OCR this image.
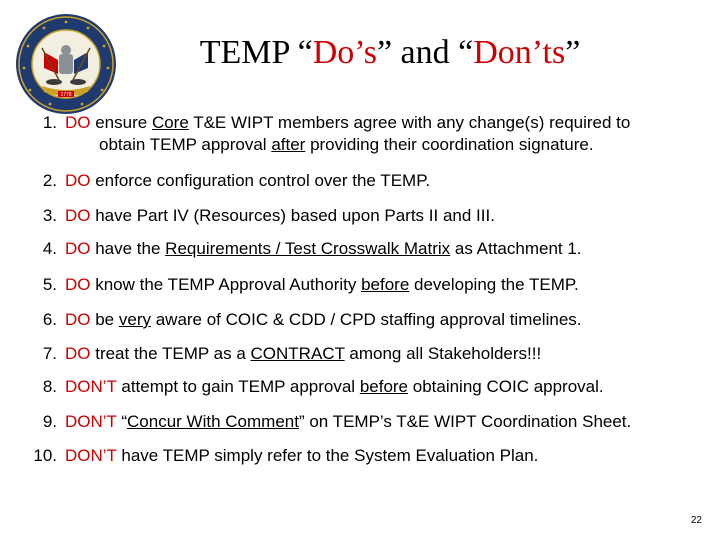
1778
TEMP “Do’s” and “Don’ts”
1. DO ensure Core T&E WIPT members agree with any change(s) required to
obtain TEMP approval after providing their coordination signature.
2. DO enforce configuration control over the TEMP.
3. DO have Part IV (Resources) based upon Parts II and III.
4. DO have the Requirements / Test Crosswalk Matrix as Attachment 1.
5. DO know the TEMP Approval Authority before developing the TEMP.
6. DO be very aware of COIC & CDD / CPD staffing approval timelines.
7. DO treat the TEMP as a CONTRACT among all Stakeholders!!!
8. DON’T attempt to gain TEMP approval before obtaining COIC approval.
9. DON’T “Concur With Comment” on TEMP’s T&E WIPT Coordination Sheet.
10. DON’T have TEMP simply refer to the System Evaluation Plan.
22
